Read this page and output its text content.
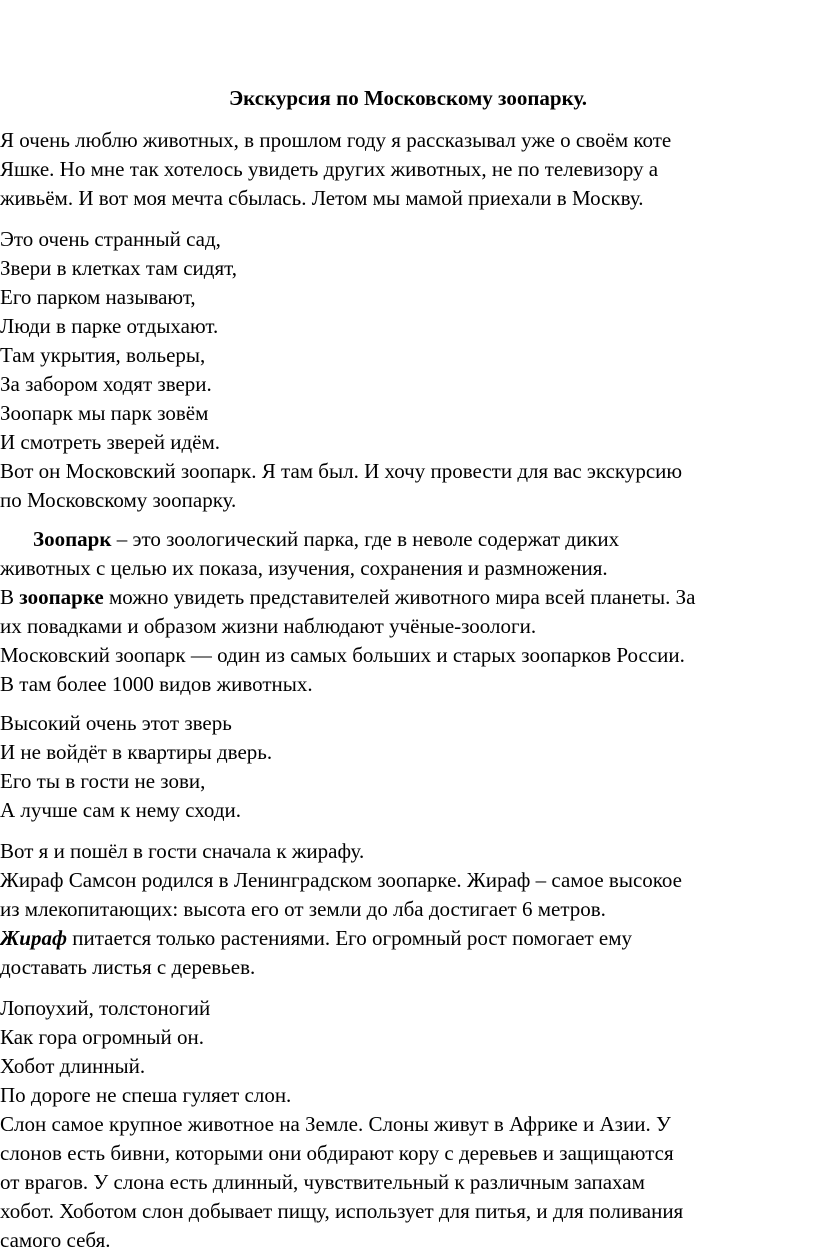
Экскурсия по Московскому зоопарку.
Я очень люблю животных, в прошлом году я рассказывал уже о своём коте
Яшке. Но мне так хотелось увидеть других животных, не по телевизору а
живьём. И вот моя мечта сбылась. Летом мы мамой приехали в Москву.
Это очень странный сад,
Звери в клетках там сидят,
Его парком называют,
Люди в парке отдыхают.
Там укрытия, вольеры,
За забором ходят звери.
Зоопарк мы парк зовём
И смотреть зверей идём.
Вот он Московский зоопарк. Я там был. И хочу провести для вас экскурсию
по Московскому зоопарку.
Зоопарк – это зоологический парка, где в неволе содержат диких
животных с целью их показа, изучения, сохранения и размножения.
В зоопарке можно увидеть представителей животного мира всей планеты. За
их повадками и образом жизни наблюдают учёные-зоологи.
Московский зоопарк — один из самых больших и старых зоопарков России.
В там более 1000 видов животных.
Высокий очень этот зверь
И не войдёт в квартиры дверь.
Его ты в гости не зови,
А лучше сам к нему сходи.
Вот я и пошёл в гости сначала к жирафу.
Жираф Самсон родился в Ленинградском зоопарке. Жираф – самое высокое
из млекопитающих: высота его от земли до лба достигает 6 метров.
Жираф питается только растениями. Его огромный рост помогает ему
доставать листья с деревьев.
Лопоухий, толстоногий
Как гора огромный он.
Хобот длинный.
По дороге не спеша гуляет слон.
Слон самое крупное животное на Земле. Слоны живут в Африке и Азии. У
слонов есть бивни, которыми они обдирают кору с деревьев и защищаются
от врагов. У слона есть длинный, чувствительный к различным запахам
хобот. Хоботом слон добывает пищу, использует для питья, и для поливания
самого себя.
